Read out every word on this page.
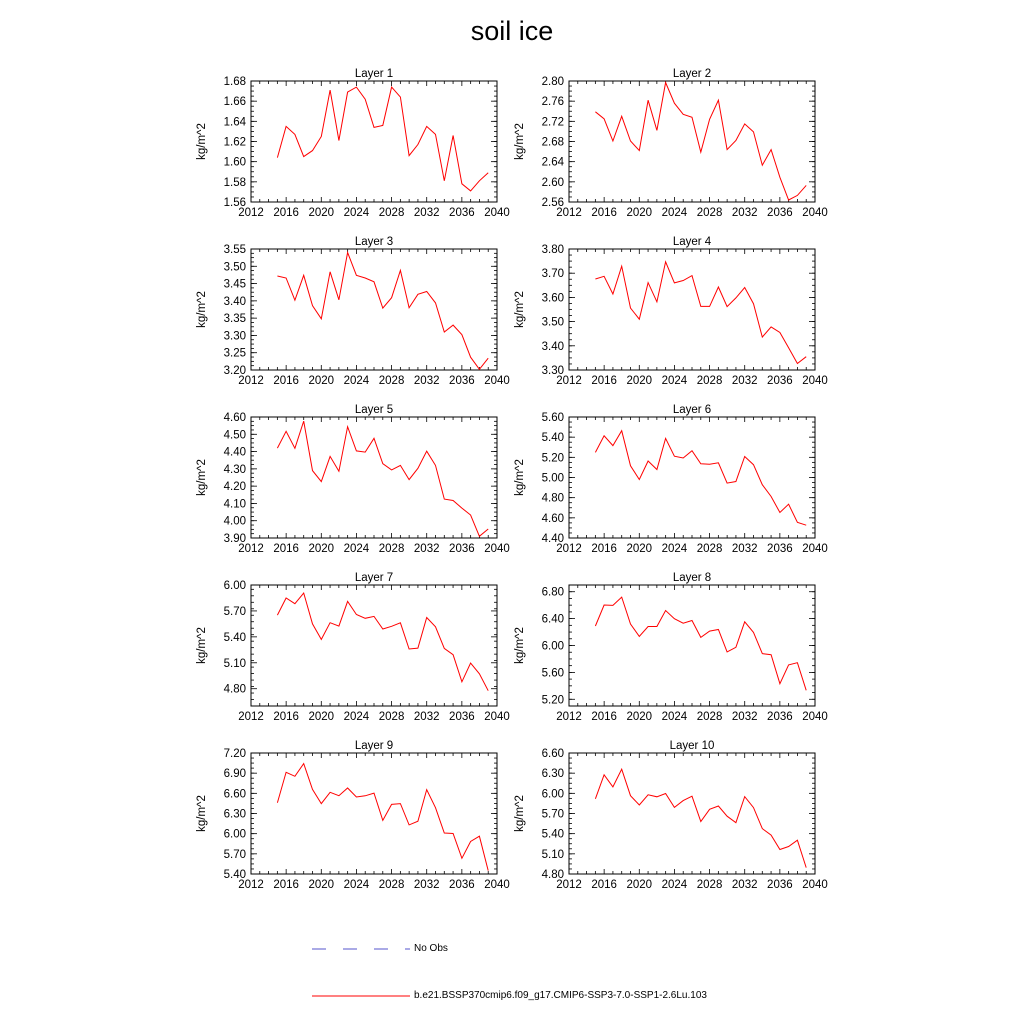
soil ice
Layer 1
kg/m^2
2012 2016 2020 2024 2028 2032 2036 2040
1.56
1.58
1.60
1.62
1.64
1.66
1.68
Layer 2
kg/m^2
2012 2016 2020 2024 2028 2032 2036 2040
2.56
2.60
2.64
2.68
2.72
2.76
2.80
Layer 3
kg/m^2
2012 2016 2020 2024 2028 2032 2036 2040
3.20
3.25
3.30
3.35
3.40
3.45
3.50
3.55
Layer 4
kg/m^2
2012 2016 2020 2024 2028 2032 2036 2040
3.30
3.40
3.50
3.60
3.70
3.80
Layer 5
kg/m^2
2012 2016 2020 2024 2028 2032 2036 2040
3.90
4.00
4.10
4.20
4.30
4.40
4.50
4.60
Layer 6
kg/m^2
2012 2016 2020 2024 2028 2032 2036 2040
4.40
4.60
4.80
5.00
5.20
5.40
5.60
Layer 7
kg/m^2
2012 2016 2020 2024 2028 2032 2036 2040
4.80
5.10
5.40
5.70
6.00
Layer 8
kg/m^2
2012 2016 2020 2024 2028 2032 2036 2040
5.20
5.60
6.00
6.40
6.80
Layer 9
kg/m^2
2012 2016 2020 2024 2028 2032 2036 2040
5.40
5.70
6.00
6.30
6.60
6.90
7.20
Layer 10
kg/m^2
2012 2016 2020 2024 2028 2032 2036 2040
4.80
5.10
5.40
5.70
6.00
6.30
6.60
No Obs
b.e21.BSSP370cmip6.f09_g17.CMIP6-SSP3-7.0-SSP1-2.6Lu.103
